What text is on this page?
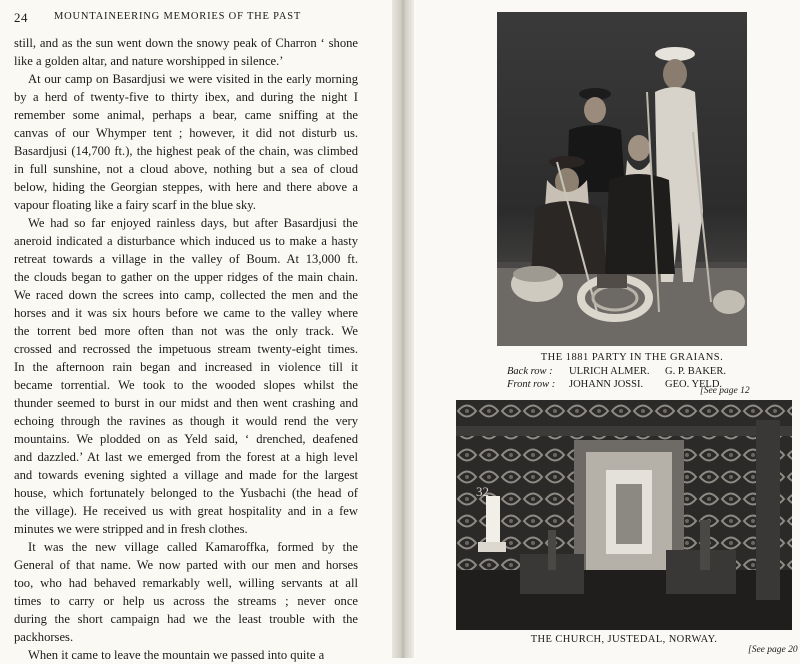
24 MOUNTAINEERING MEMORIES OF THE PAST
still, and as the sun went down the snowy peak of Charron ‘ shone
like a golden altar, and nature worshipped in silence.’
At our camp on Basardjusi we were visited in the early morning
by a herd of twenty-five to thirty ibex, and during the night I
remember some animal, perhaps a bear, came sniffing at the
canvas of our Whymper tent ; however, it did not disturb us.
Basardjusi (14,700 ft.), the highest peak of the chain, was climbed
in full sunshine, not a cloud above, nothing but a sea of cloud
below, hiding the Georgian steppes, with here and there above a
vapour floating like a fairy scarf in the blue sky.
We had so far enjoyed rainless days, but after Basardjusi the
aneroid indicated a disturbance which induced us to make a hasty
retreat towards a village in the valley of Boum. At 13,000 ft.
the clouds began to gather on the upper ridges of the main chain.
We raced down the screes into camp, collected the men and the
horses and it was six hours before we came to the valley where
the torrent bed more often than not was the only track. We
crossed and recrossed the impetuous stream twenty-eight times.
In the afternoon rain began and increased in violence till it
became torrential. We took to the wooded slopes whilst the
thunder seemed to burst in our midst and then went crashing and
echoing through the ravines as though it would rend the very
mountains. We plodded on as Yeld said, ‘ drenched, deafened
and dazzled.’ At last we emerged from the forest at a high level
and towards evening sighted a village and made for the largest
house, which fortunately belonged to the Yusbachi (the head of
the village). He received us with great hospitality and in a few
minutes we were stripped and in fresh clothes.
It was the new village called Kamaroffka, formed by the
General of that name. We now parted with our men and horses
too, who had behaved remarkably well, willing servants at all
times to carry or help us across the streams ; never once
during the short campaign had we the least trouble with the
packhorses.
When it came to leave the mountain we passed into quite a
THE 1881 PARTY IN THE GRAIANS.
Back row : ULRICH ALMER. G. P. BAKER.
Front row : JOHANN JOSSI. GEO. YELD.
[See page 12
32
THE CHURCH, JUSTEDAL, NORWAY.
[See page 20
